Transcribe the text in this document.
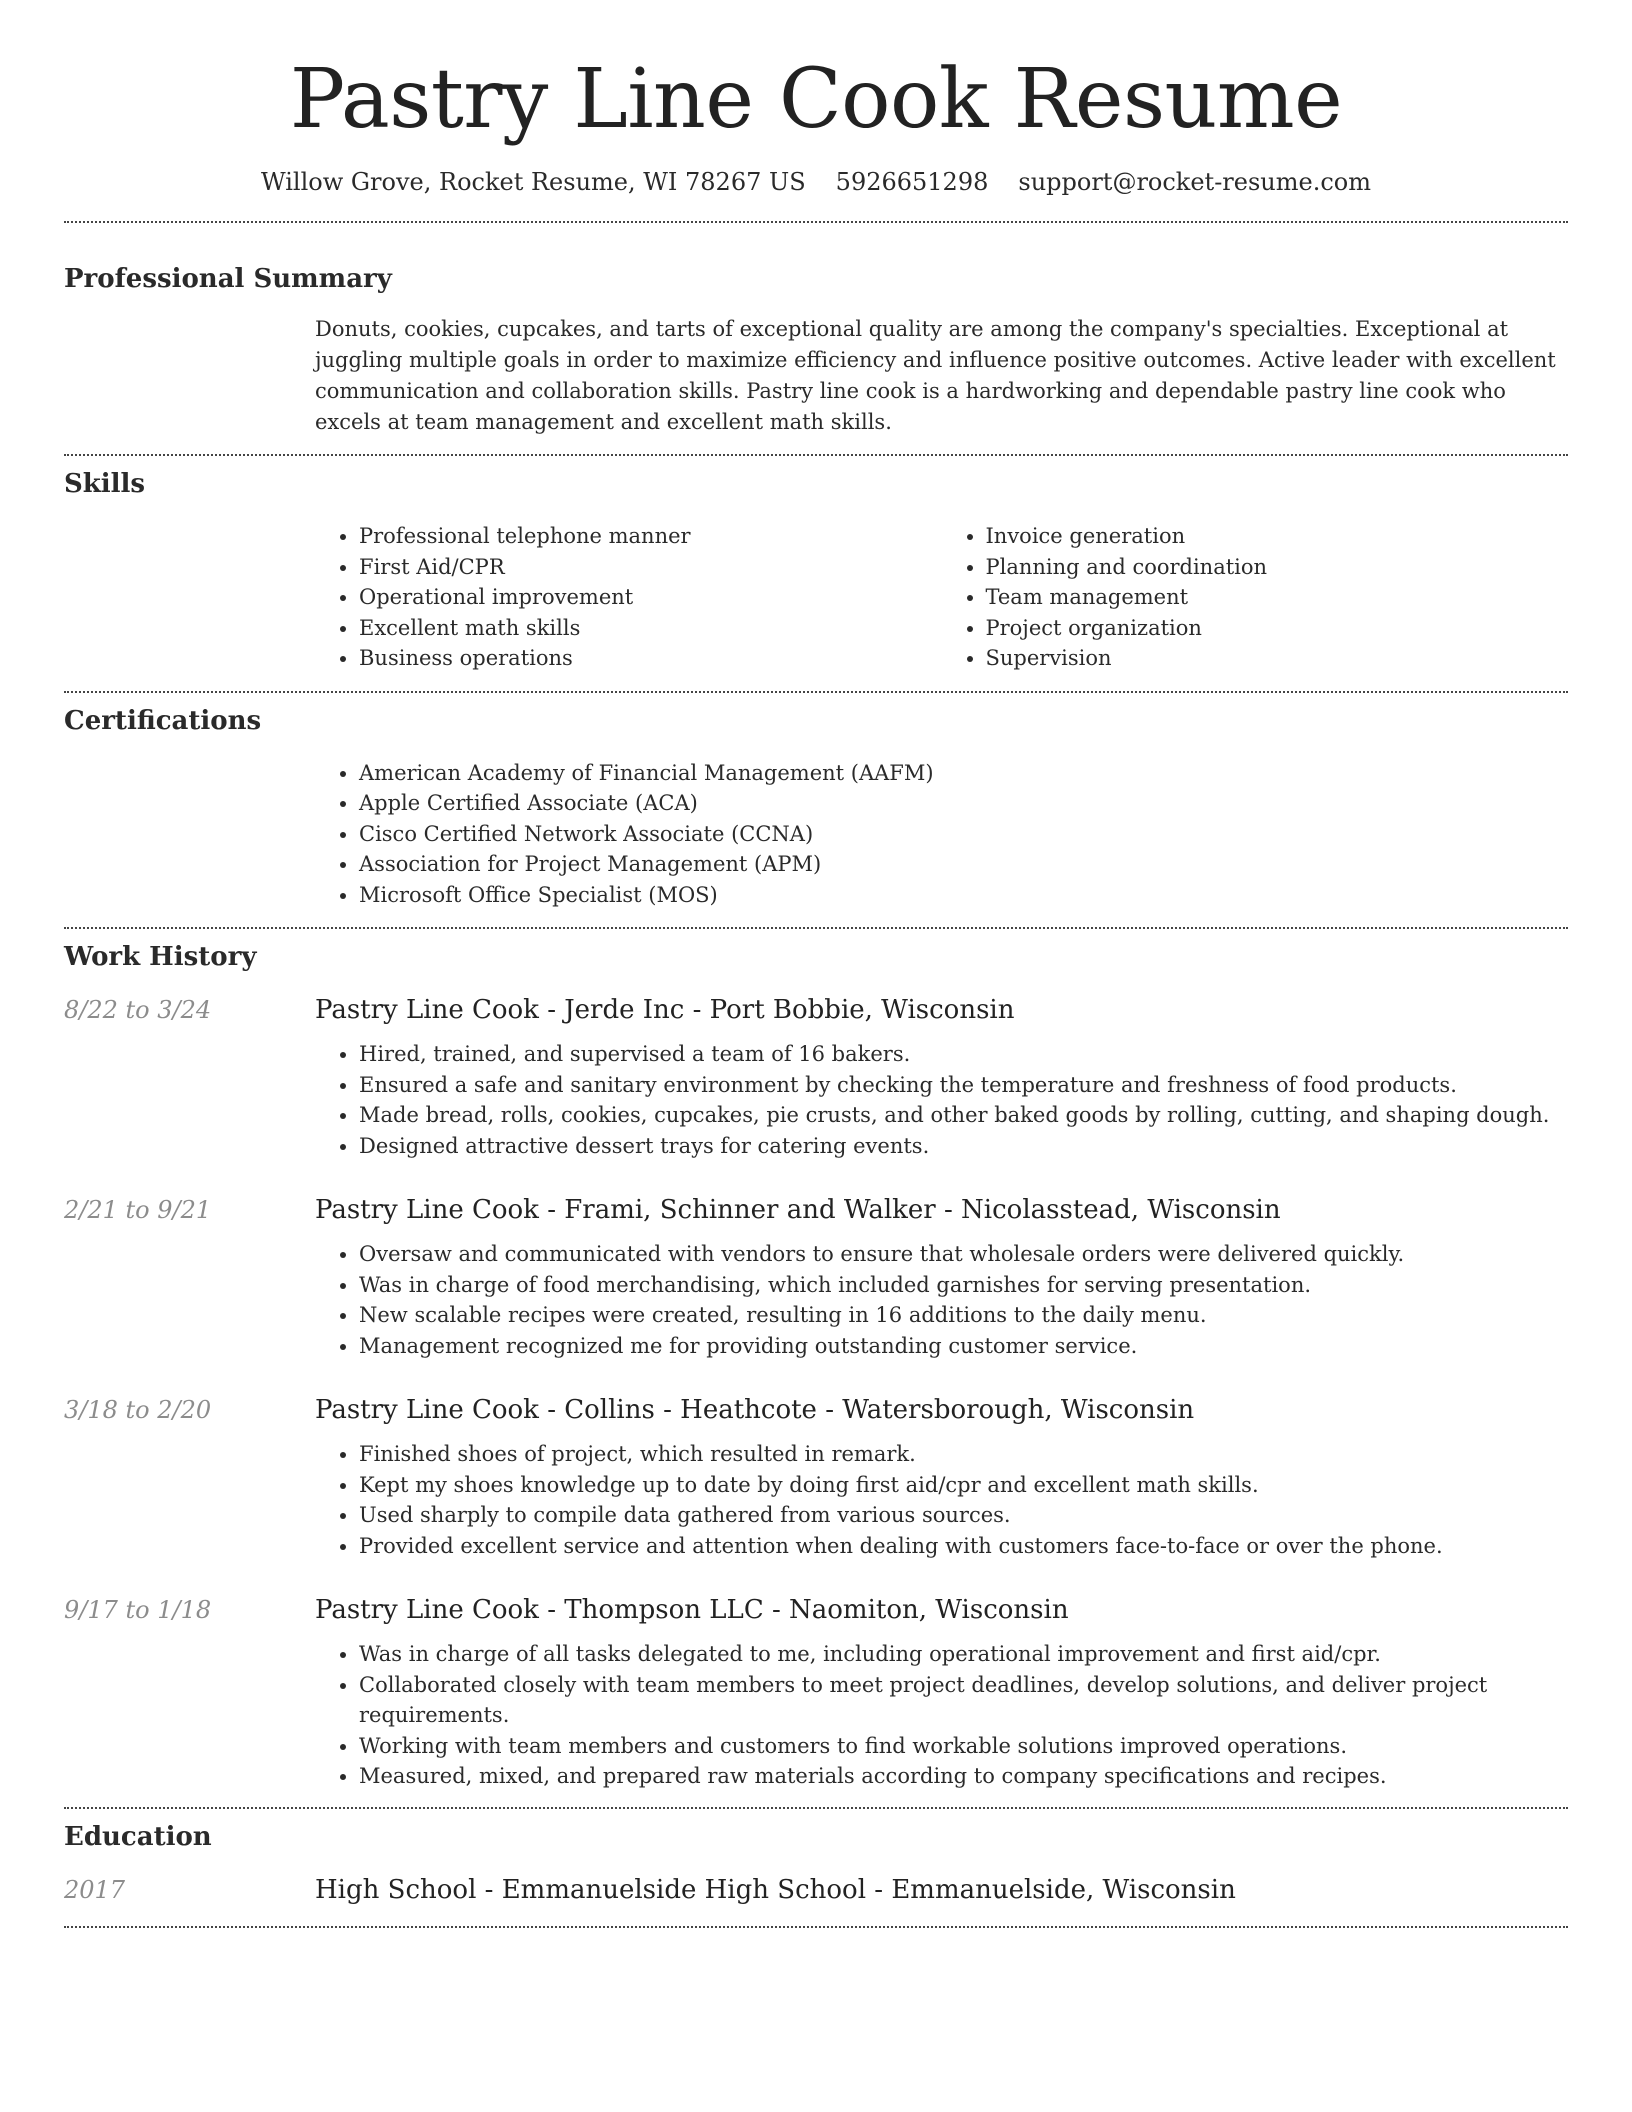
Pastry Line Cook Resume
Willow Grove, Rocket Resume, WI 78267 US 5926651298 support@rocket-resume.com
Professional Summary
Donuts, cookies, cupcakes, and tarts of exceptional quality are among the company's specialties. Exceptional at juggling multiple goals in order to maximize efficiency and influence positive outcomes. Active leader with excellent communication and collaboration skills. Pastry line cook is a hardworking and dependable pastry line cook who excels at team management and excellent math skills.
Skills
• Professional telephone manner
• First Aid/CPR
• Operational improvement
• Excellent math skills
• Business operations
• Invoice generation
• Planning and coordination
• Team management
• Project organization
• Supervision
Certifications
• American Academy of Financial Management (AAFM)
• Apple Certified Associate (ACA)
• Cisco Certified Network Associate (CCNA)
• Association for Project Management (APM)
• Microsoft Office Specialist (MOS)
Work History
8/22 to 3/24	Pastry Line Cook - Jerde Inc - Port Bobbie, Wisconsin
• Hired, trained, and supervised a team of 16 bakers.
• Ensured a safe and sanitary environment by checking the temperature and freshness of food products.
• Made bread, rolls, cookies, cupcakes, pie crusts, and other baked goods by rolling, cutting, and shaping dough.
• Designed attractive dessert trays for catering events.
2/21 to 9/21	Pastry Line Cook - Frami, Schinner and Walker - Nicolasstead, Wisconsin
• Oversaw and communicated with vendors to ensure that wholesale orders were delivered quickly.
• Was in charge of food merchandising, which included garnishes for serving presentation.
• New scalable recipes were created, resulting in 16 additions to the daily menu.
• Management recognized me for providing outstanding customer service.
3/18 to 2/20	Pastry Line Cook - Collins - Heathcote - Watersborough, Wisconsin
• Finished shoes of project, which resulted in remark.
• Kept my shoes knowledge up to date by doing first aid/cpr and excellent math skills.
• Used sharply to compile data gathered from various sources.
• Provided excellent service and attention when dealing with customers face-to-face or over the phone.
9/17 to 1/18	Pastry Line Cook - Thompson LLC - Naomiton, Wisconsin
• Was in charge of all tasks delegated to me, including operational improvement and first aid/cpr.
• Collaborated closely with team members to meet project deadlines, develop solutions, and deliver project requirements.
• Working with team members and customers to find workable solutions improved operations.
• Measured, mixed, and prepared raw materials according to company specifications and recipes.
Education
2017	High School - Emmanuelside High School - Emmanuelside, Wisconsin
